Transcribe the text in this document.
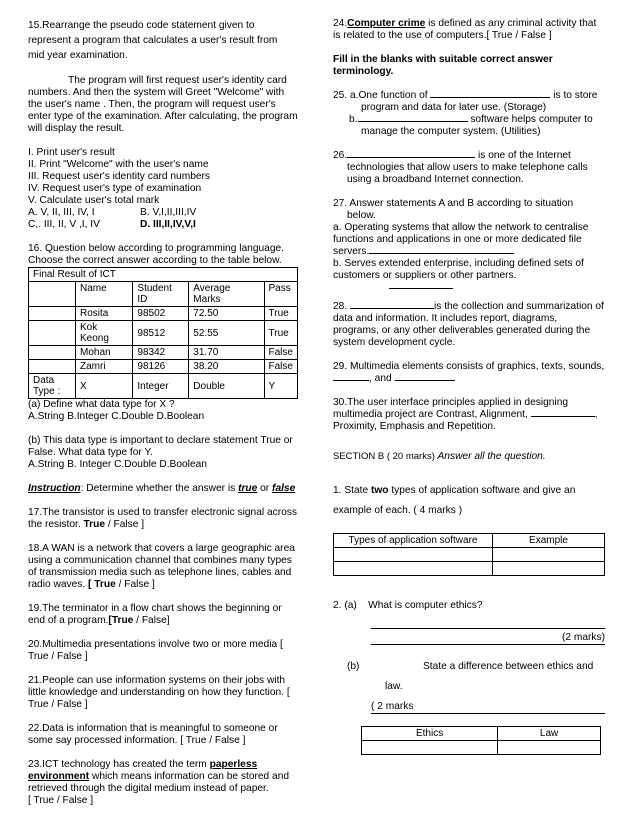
15.Rearrange the pseudo code statement given to

represent a program that calculates a user's result from

mid year examination.

The program will first request user's identity card numbers. And then the system will Greet "Welcome" with the user's name . Then, the program will request user's enter type of the examination. After calculating, the program will display the result.

I. Print user's result

II. Print "Welcome" with the user's name

III. Request user's identity card numbers

IV. Request user's type of examination

V. Calculate user's total mark

A. V, II, III, IV, I	B. V,I,II,III,IV
C,. III, II, V ,I, IV	D. III,II,IV,V,I

16. Question below according to programming language.

Choose the correct answer according to the table below.

Final Result of ICT				
	Name	Student ID	Average Marks	Pass
	Rosita	98502	72.50	True
	Kok Keong	98512	52.55	True
	Mohan	98342	31.70	False
	Zamri	98126	38.20	False
Data Type :	X	Integer	Double	Y

(a) Define what data type for X ?

A.String B.Integer C.Double D.Boolean

(b) This data type is important to declare statement True or False. What data type for Y.

A.String B. Integer C.Double D.Boolean

Instruction: Determine whether the answer is true or false

17.The transistor is used to transfer electronic signal across the resistor. True / False ]

18.A WAN is a network that covers a large geographic area using a communication channel that combines many types of transmission media such as telephone lines, cables and radio waves. [ True / False ]

19.The terminator in a flow chart shows the beginning or end of a program.[True / False]

20.Multimedia presentations involve two or more media [ True / False ]

21.People can use information systems on their jobs with little knowledge and understanding on how they function. [ True / False ]

22.Data is information that is meaningful to someone or some say processed information. [ True / False ]

23.ICT technology has created the term paperless environment which means information can be stored and retrieved through the digital medium instead of paper.

[ True / False ]

24.Computer crime is defined as any criminal activity that is related to the use of computers.[ True / False ]

Fill in the blanks with suitable correct answer terminology.

25. a.One function of	is to store

program and data for later use. (Storage)

b.	software helps computer to

manage the computer system. (Utilities)

26.	is one of the Internet

technologies that allow users to make telephone calls using a broadband Internet connection.

27. Answer statements A and B according to situation

below.

a. Operating systems that allow the network to centralise functions and applications in one or more dedicated file servers.

b. Serves extended enterprise, including defined sets of customers or suppliers or other partners.

28.	is the collection and summarization of data and information. It includes report, diagrams, programs, or any other deliverables generated during the system development cycle.

29. Multimedia elements consists of graphics, texts, sounds, , and

30.The user interface principles applied in designing multimedia project are Contrast, Alignment,	, Proximity, Emphasis and Repetition.

SECTION B ( 20 marks) Answer all the question.

1. State two types of application software and give an example of each. ( 4 marks )

Types of application software	Example

2. (a) What is computer ethics?

(2 marks)
(b)	State a difference between ethics and
law.
( 2 marks
Ethics	Law
